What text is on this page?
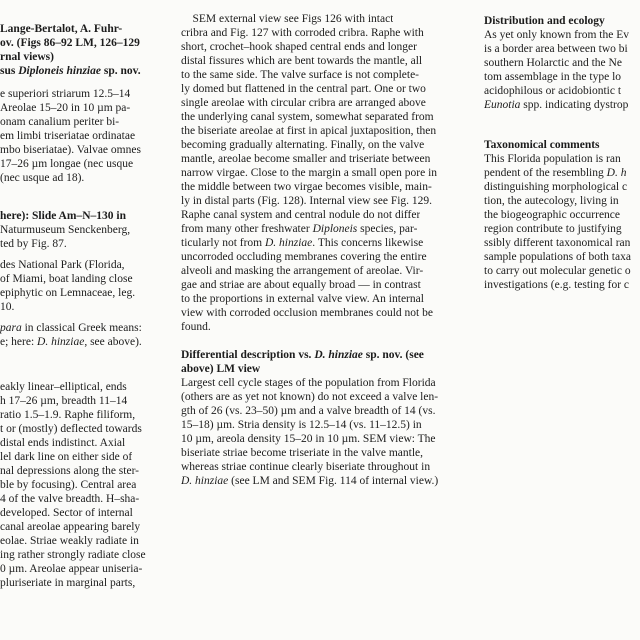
Lange-Bertalot, A. Fuhr-
ov. (Figs 86–92 LM, 126–129
rnal views)
sus Diploneis hinziae sp. nov.
e superiori striarum 12.5–14
Areolae 15–20 in 10 µm pa-
onam canalium periter bi-
em limbi triseriatae ordinatae
mbo biseriatae). Valvae omnes
17–26 µm longae (nec usque
(nec usque ad 18).
here): Slide Am–N–130 in
Naturmuseum Senckenberg,
ted by Fig. 87.
des National Park (Florida,
of Miami, boat landing close
epiphytic on Lemnaceae, leg.
10.
para in classical Greek means:
e; here: D. hinziae, see above).
eakly linear–elliptical, ends
h 17–26 µm, breadth 11–14
ratio 1.5–1.9. Raphe filiform,
t or (mostly) deflected towards
distal ends indistinct. Axial
lel dark line on either side of
nal depressions along the ster-
ble by focusing). Central area
4 of the valve breadth. H–sha-
developed. Sector of internal
canal areolae appearing barely
eolae. Striae weakly radiate in
ing rather strongly radiate close
0 µm. Areolae appear uniseria-
pluriseriate in marginal parts,
SEM external view see Figs 126 with intact
cribra and Fig. 127 with corroded cribra. Raphe with
short, crochet–hook shaped central ends and longer
distal fissures which are bent towards the mantle, all
to the same side. The valve surface is not complete-
ly domed but flattened in the central part. One or two
single areolae with circular cribra are arranged above
the underlying canal system, somewhat separated from
the biseriate areolae at first in apical juxtaposition, then
becoming gradually alternating. Finally, on the valve
mantle, areolae become smaller and triseriate between
narrow virgae. Close to the margin a small open pore in
the middle between two virgae becomes visible, main-
ly in distal parts (Fig. 128). Internal view see Fig. 129.
Raphe canal system and central nodule do not differ
from many other freshwater Diploneis species, par-
ticularly not from D. hinziae. This concerns likewise
uncorroded occluding membranes covering the entire
alveoli and masking the arrangement of areolae. Vir-
gae and striae are about equally broad — in contrast
to the proportions in external valve view. An internal
view with corroded occlusion membranes could not be
found.
Differential description vs. D. hinziae sp. nov. (see
above) LM view
Largest cell cycle stages of the population from Florida
(others are as yet not known) do not exceed a valve len-
gth of 26 (vs. 23–50) µm and a valve breadth of 14 (vs.
15–18) µm. Stria density is 12.5–14 (vs. 11–12.5) in
10 µm, areola density 15–20 in 10 µm. SEM view: The
biseriate striae become triseriate in the valve mantle,
whereas striae continue clearly biseriate throughout in
D. hinziae (see LM and SEM Fig. 114 of internal view.)
Distribution and ecology
As yet only known from the Ev
is a border area between two bi
southern Holarctic and the Ne
tom assemblage in the type lo
acidophilous or acidobiontic t
Eunotia spp. indicating dystrop
Taxonomical comments
This Florida population is ran
pendent of the resembling D. h
distinguishing morphological c
tion, the autecology, living in
the biogeographic occurrence
region contribute to justifying
ssibly different taxonomical ran
sample populations of both taxa
to carry out molecular genetic o
investigations (e.g. testing for c
